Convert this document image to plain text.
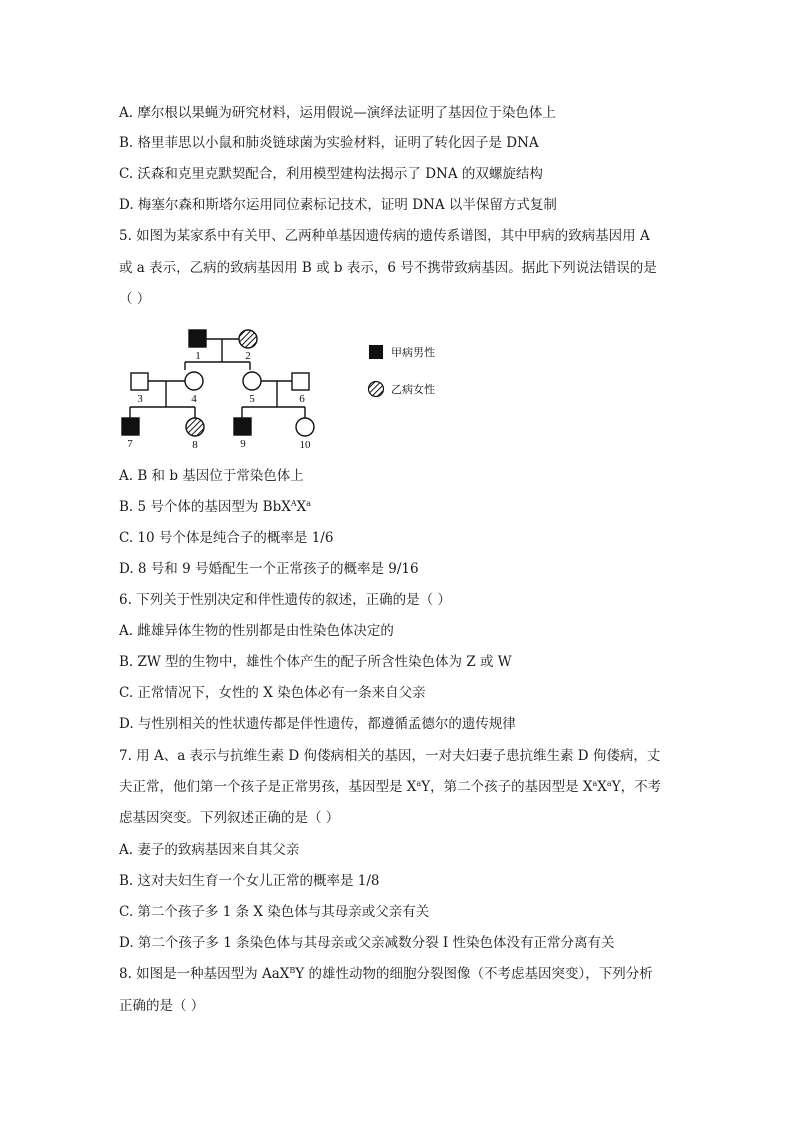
A. 摩尔根以果蝇为研究材料，运用假说—演绎法证明了基因位于染色体上
B. 格里菲思以小鼠和肺炎链球菌为实验材料，证明了转化因子是 DNA
C. 沃森和克里克默契配合，利用模型建构法揭示了 DNA 的双螺旋结构
D. 梅塞尔森和斯塔尔运用同位素标记技术，证明 DNA 以半保留方式复制
5. 如图为某家系中有关甲、乙两种单基因遗传病的遗传系谱图，其中甲病的致病基因用 A
或 a 表示，乙病的致病基因用 B 或 b 表示，6 号不携带致病基因。据此下列说法错误的是
（ ）
1	2
3	4	5	6
7	8	9	10
甲病男性
乙病女性
A. B 和 b 基因位于常染色体上
B. 5 号个体的基因型为 $BbX^AX^a$
C. 10 号个体是纯合子的概率是 1/6
D. 8 号和 9 号婚配生一个正常孩子的概率是 9/16
6. 下列关于性别决定和伴性遗传的叙述，正确的是（ ）
A. 雌雄异体生物的性别都是由性染色体决定的
B. ZW 型的生物中，雄性个体产生的配子所含性染色体为 Z 或 W
C. 正常情况下，女性的 X 染色体必有一条来自父亲
D. 与性别相关的性状遗传都是伴性遗传，都遵循孟德尔的遗传规律
7. 用 A、a 表示与抗维生素 D 佝偻病相关的基因，一对夫妇妻子患抗维生素 D 佝偻病，丈
夫正常，他们第一个孩子是正常男孩，基因型是 $X^aY$，第二个孩子的基因型是 $X^aX^aY$，不考
虑基因突变。下列叙述正确的是（ ）
A. 妻子的致病基因来自其父亲
B. 这对夫妇生育一个女儿正常的概率是 1/8
C. 第二个孩子多 1 条 X 染色体与其母亲或父亲有关
D. 第二个孩子多 1 条染色体与其母亲或父亲减数分裂 I 性染色体没有正常分离有关
8. 如图是一种基因型为 AaX$^B$Y 的雄性动物的细胞分裂图像（不考虑基因突变），下列分析
正确的是（ ）
